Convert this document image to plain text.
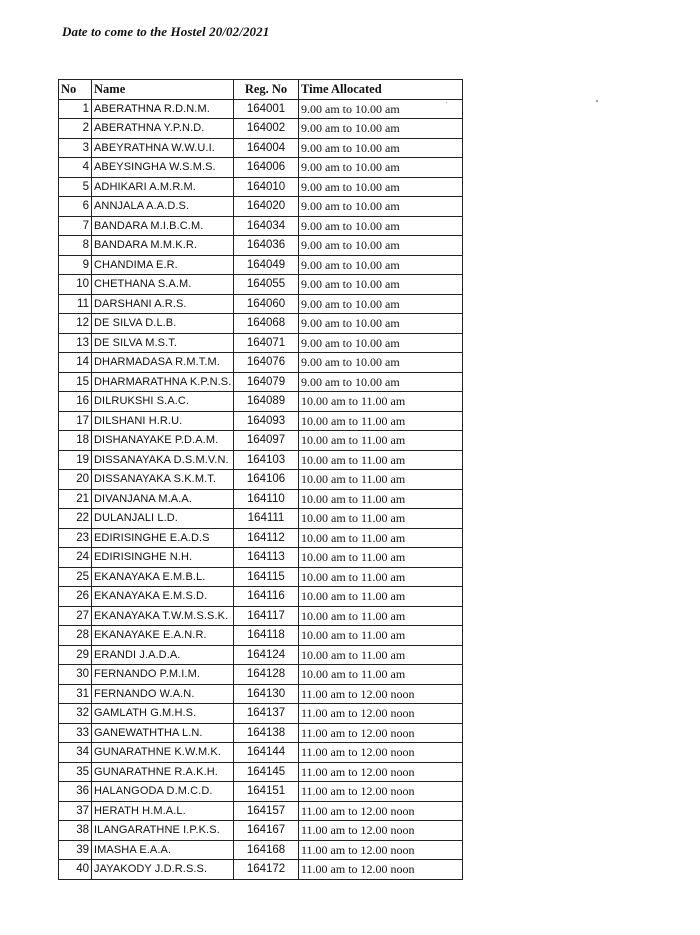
Date to come to the Hostel 20/02/2021
No	Name	Reg. No	Time Allocated
1	ABERATHNA R.D.N.M.	164001	9.00 am to 10.00 am
2	ABERATHNA Y.P.N.D.	164002	9.00 am to 10.00 am
3	ABEYRATHNA W.W.U.I.	164004	9.00 am to 10.00 am
4	ABEYSINGHA W.S.M.S.	164006	9.00 am to 10.00 am
5	ADHIKARI A.M.R.M.	164010	9.00 am to 10.00 am
6	ANNJALA A.A.D.S.	164020	9.00 am to 10.00 am
7	BANDARA M.I.B.C.M.	164034	9.00 am to 10.00 am
8	BANDARA M.M.K.R.	164036	9.00 am to 10.00 am
9	CHANDIMA E.R.	164049	9.00 am to 10.00 am
10	CHETHANA S.A.M.	164055	9.00 am to 10.00 am
11	DARSHANI A.R.S.	164060	9.00 am to 10.00 am
12	DE SILVA D.L.B.	164068	9.00 am to 10.00 am
13	DE SILVA M.S.T.	164071	9.00 am to 10.00 am
14	DHARMADASA R.M.T.M.	164076	9.00 am to 10.00 am
15	DHARMARATHNA K.P.N.S.	164079	9.00 am to 10.00 am
16	DILRUKSHI S.A.C.	164089	10.00 am to 11.00 am
17	DILSHANI H.R.U.	164093	10.00 am to 11.00 am
18	DISHANAYAKE P.D.A.M.	164097	10.00 am to 11.00 am
19	DISSANAYAKA D.S.M.V.N.	164103	10.00 am to 11.00 am
20	DISSANAYAKA S.K.M.T.	164106	10.00 am to 11.00 am
21	DIVANJANA M.A.A.	164110	10.00 am to 11.00 am
22	DULANJALI L.D.	164111	10.00 am to 11.00 am
23	EDIRISINGHE E.A.D.S	164112	10.00 am to 11.00 am
24	EDIRISINGHE N.H.	164113	10.00 am to 11.00 am
25	EKANAYAKA E.M.B.L.	164115	10.00 am to 11.00 am
26	EKANAYAKA E.M.S.D.	164116	10.00 am to 11.00 am
27	EKANAYAKA T.W.M.S.S.K.	164117	10.00 am to 11.00 am
28	EKANAYAKE E.A.N.R.	164118	10.00 am to 11.00 am
29	ERANDI J.A.D.A.	164124	10.00 am to 11.00 am
30	FERNANDO P.M.I.M.	164128	10.00 am to 11.00 am
31	FERNANDO W.A.N.	164130	11.00 am to 12.00 noon
32	GAMLATH G.M.H.S.	164137	11.00 am to 12.00 noon
33	GANEWATHTHA L.N.	164138	11.00 am to 12.00 noon
34	GUNARATHNE K.W.M.K.	164144	11.00 am to 12.00 noon
35	GUNARATHNE R.A.K.H.	164145	11.00 am to 12.00 noon
36	HALANGODA D.M.C.D.	164151	11.00 am to 12.00 noon
37	HERATH H.M.A.L.	164157	11.00 am to 12.00 noon
38	ILANGARATHNE I.P.K.S.	164167	11.00 am to 12.00 noon
39	IMASHA E.A.A.	164168	11.00 am to 12.00 noon
40	JAYAKODY J.D.R.S.S.	164172	11.00 am to 12.00 noon
